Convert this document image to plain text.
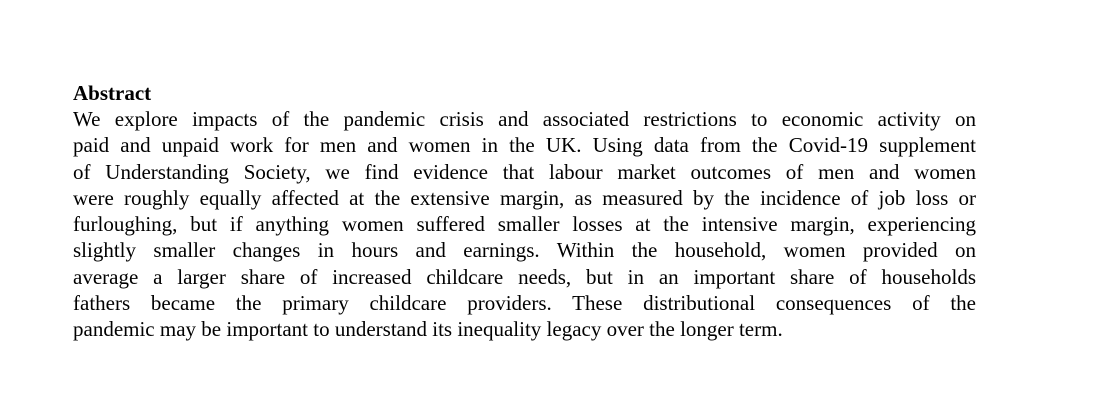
Abstract
We explore impacts of the pandemic crisis and associated restrictions to economic activity on
paid and unpaid work for men and women in the UK. Using data from the Covid-19 supplement
of Understanding Society, we find evidence that labour market outcomes of men and women
were roughly equally affected at the extensive margin, as measured by the incidence of job loss or
furloughing, but if anything women suffered smaller losses at the intensive margin, experiencing
slightly smaller changes in hours and earnings. Within the household, women provided on
average a larger share of increased childcare needs, but in an important share of households
fathers became the primary childcare providers. These distributional consequences of the
pandemic may be important to understand its inequality legacy over the longer term.
